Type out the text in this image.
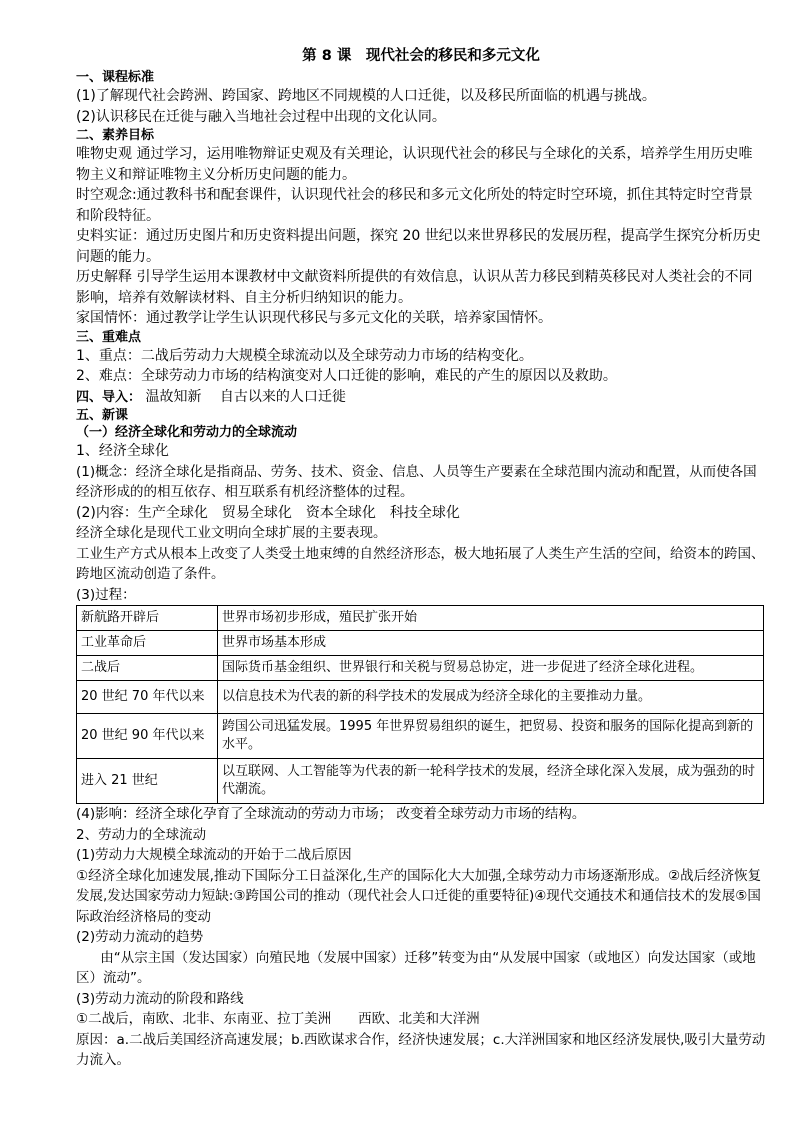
第 8 课　现代社会的移民和多元文化
一、课程标准
(1)了解现代社会跨洲、跨国家、跨地区不同规模的人口迁徙，以及移民所面临的机遇与挑战。
(2)认识移民在迁徙与融入当地社会过程中出现的文化认同。
二、素养目标
唯物史观 通过学习，运用唯物辩证史观及有关理论，认识现代社会的移民与全球化的关系，培养学生用历史唯物主义和辩证唯物主义分析历史问题的能力。
时空观念:通过教科书和配套课件，认识现代社会的移民和多元文化所处的特定时空环境，抓住其特定时空背景和阶段特征。
史料实证：通过历史图片和历史资料提出问题，探究 20 世纪以来世界移民的发展历程，提高学生探究分析历史问题的能力。
历史解释 引导学生运用本课教材中文献资料所提供的有效信息，认识从苦力移民到精英移民对人类社会的不同影响，培养有效解读材料、自主分析归纳知识的能力。
家国情怀：通过教学让学生认识现代移民与多元文化的关联，培养家国情怀。
三、重难点
1、重点：二战后劳动力大规模全球流动以及全球劳动力市场的结构变化。
2、难点：全球劳动力市场的结构演变对人口迁徙的影响，难民的产生的原因以及救助。
四、导入： 温故知新　 自古以来的人口迁徙
五、新课
（一）经济全球化和劳动力的全球流动
1、经济全球化
(1)概念：经济全球化是指商品、劳务、技术、资金、信息、人员等生产要素在全球范围内流动和配置，从而使各国经济形成的的相互依存、相互联系有机经济整体的过程。
(2)内容：生产全球化　贸易全球化　资本全球化　科技全球化
经济全球化是现代工业文明向全球扩展的主要表现。
工业生产方式从根本上改变了人类受土地束缚的自然经济形态，极大地拓展了人类生产生活的空间，给资本的跨国、跨地区流动创造了条件。
(3)过程：
新航路开辟后	世界市场初步形成，殖民扩张开始
工业革命后	世界市场基本形成
二战后	国际货币基金组织、世界银行和关税与贸易总协定，进一步促进了经济全球化进程。
20 世纪 70 年代以来	以信息技术为代表的新的科学技术的发展成为经济全球化的主要推动力量。
20 世纪 90 年代以来	跨国公司迅猛发展。1995 年世界贸易组织的诞生，把贸易、投资和服务的国际化提高到新的水平。
进入 21 世纪	以互联网、人工智能等为代表的新一轮科学技术的发展，经济全球化深入发展，成为强劲的时代潮流。
(4)影响：经济全球化孕育了全球流动的劳动力市场； 改变着全球劳动力市场的结构。
2、劳动力的全球流动
(1)劳动力大规模全球流动的开始于二战后原因
①经济全球化加速发展,推动下国际分工日益深化,生产的国际化大大加强,全球劳动力市场逐渐形成。②战后经济恢复发展,发达国家劳动力短缺:③跨国公司的推动（现代社会人口迁徙的重要特征)④现代交通技术和通信技术的发展⑤国际政治经济格局的变动
(2)劳动力流动的趋势
由“从宗主国（发达国家）向殖民地（发展中国家）迁移”转变为由“从发展中国家（或地区）向发达国家（或地区）流动”。
(3)劳动力流动的阶段和路线
①二战后，南欧、北非、东南亚、拉丁美洲　　西欧、北美和大洋洲
原因：a.二战后美国经济高速发展；b.西欧谋求合作，经济快速发展；c.大洋洲国家和地区经济发展快,吸引大量劳动力流入。
